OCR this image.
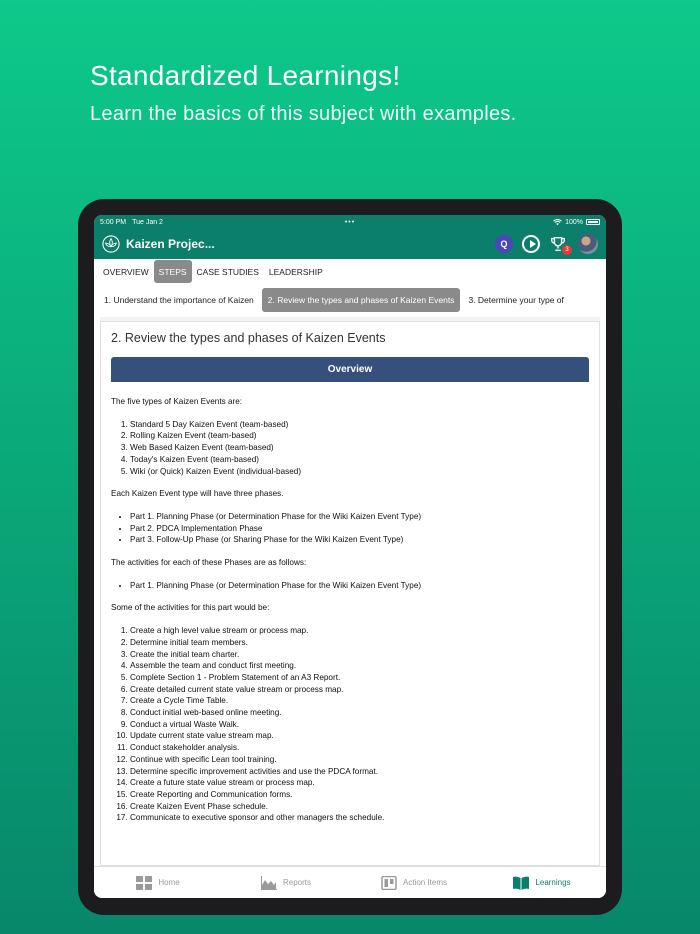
Standardized Learnings!
Learn the basics of this subject with examples.
5:00 PM Tue Jan 2	•••	100%
Kaizen Projec...	Q
3
OVERVIEW	STEPS	CASE STUDIES	LEADERSHIP
1. Understand the importance of Kaizen	2. Review the types and phases of Kaizen Events	3. Determine your type of
2. Review the types and phases of Kaizen Events
Overview

The five types of Kaizen Events are:

1. Standard 5 Day Kaizen Event (team-based)
2. Rolling Kaizen Event (team-based)
3. Web Based Kaizen Event (team-based)
4. Today's Kaizen Event (team-based)
5. Wiki (or Quick) Kaizen Event (individual-based)

Each Kaizen Event type will have three phases.

• Part 1. Planning Phase (or Determination Phase for the Wiki Kaizen Event Type)
• Part 2. PDCA Implementation Phase
• Part 3. Follow-Up Phase (or Sharing Phase for the Wiki Kaizen Event Type)

The activities for each of these Phases are as follows:

• Part 1. Planning Phase (or Determination Phase for the Wiki Kaizen Event Type)

Some of the activities for this part would be:

1. Create a high level value stream or process map.
2. Determine initial team members.
3. Create the initial team charter.
4. Assemble the team and conduct first meeting.
5. Complete Section 1 - Problem Statement of an A3 Report.
6. Create detailed current state value stream or process map.
7. Create a Cycle Time Table.
8. Conduct initial web-based online meeting.
9. Conduct a virtual Waste Walk.
10. Update current state value stream map.
11. Conduct stakeholder analysis.
12. Continue with specific Lean tool training.
13. Determine specific improvement activities and use the PDCA format.
14. Create a future state value stream or process map.
15. Create Reporting and Communication forms.
16. Create Kaizen Event Phase schedule.
17. Communicate to executive sponsor and other managers the schedule.
Home	Reports	Action Items	Learnings
